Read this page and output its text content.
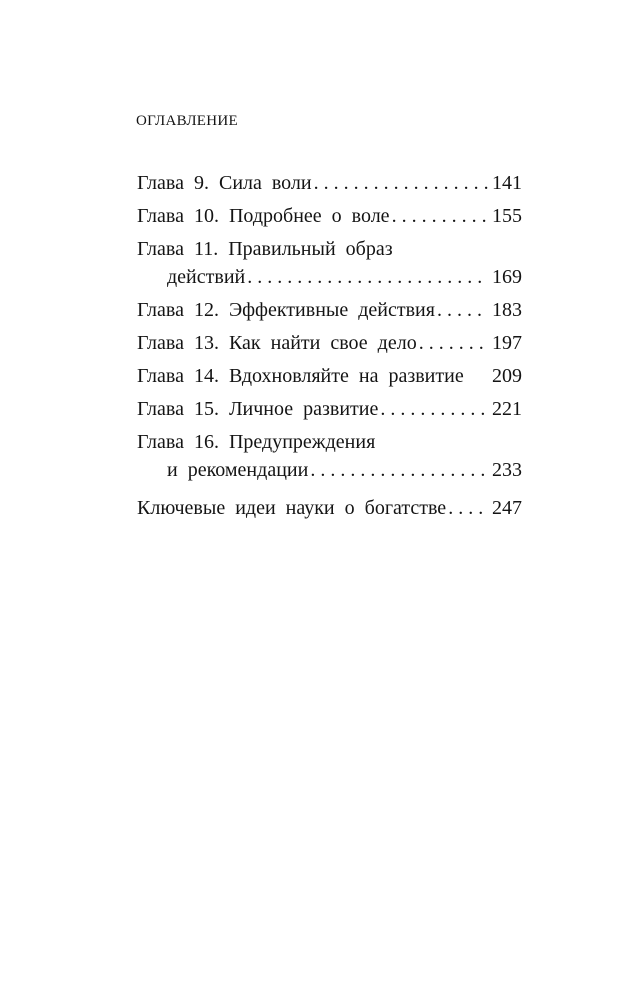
ОГЛАВЛЕНИЕ
Глава 9. Сила воли . . .	141
Глава 10. Подробнее о воле . . .	155
Глава 11. Правильный образ
действий . . .	169
Глава 12. Эффективные действия . . .	183
Глава 13. Как найти свое дело . . .	197
Глава 14. Вдохновляйте на развитие 209
Глава 15. Личное развитие . . .	221
Глава 16. Предупреждения
и рекомендации . . .	233
Ключевые идеи науки о богатстве . . . 247
